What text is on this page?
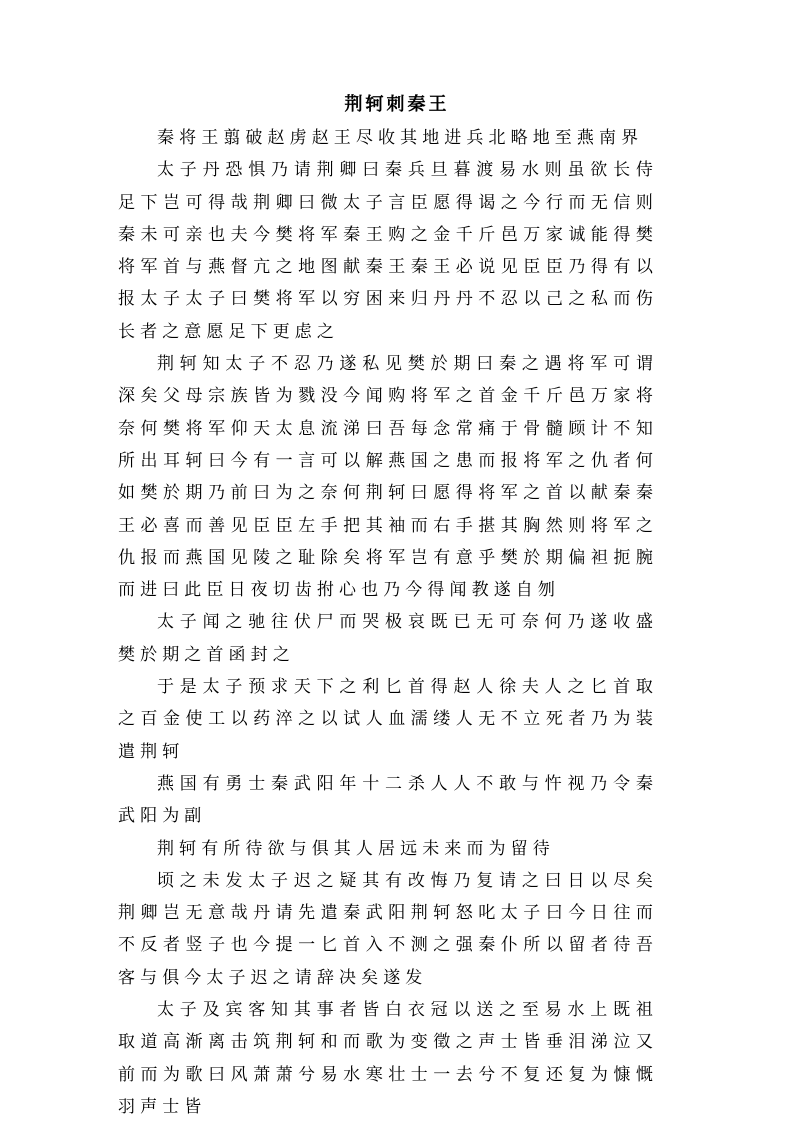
荆轲刺秦王

秦将王翦破赵虏赵王尽收其地进兵北略地至燕南界

太子丹恐惧乃请荆卿曰秦兵旦暮渡易水则虽欲长侍足下岂可得哉荆卿曰微太子言臣愿得谒之今行而无信则秦未可亲也夫今樊将军秦王购之金千斤邑万家诚能得樊将军首与燕督亢之地图献秦王秦王必说见臣臣乃得有以报太子太子曰樊将军以穷困来归丹丹不忍以己之私而伤长者之意愿足下更虑之

荆轲知太子不忍乃遂私见樊於期曰秦之遇将军可谓深矣父母宗族皆为戮没今闻购将军之首金千斤邑万家将奈何樊将军仰天太息流涕曰吾每念常痛于骨髓顾计不知所出耳轲曰今有一言可以解燕国之患而报将军之仇者何如樊於期乃前曰为之奈何荆轲曰愿得将军之首以献秦秦王必喜而善见臣臣左手把其袖而右手揕其胸然则将军之仇报而燕国见陵之耻除矣将军岂有意乎樊於期偏袒扼腕而进曰此臣日夜切齿拊心也乃今得闻教遂自刎

太子闻之驰往伏尸而哭极哀既已无可奈何乃遂收盛樊於期之首函封之

于是太子预求天下之利匕首得赵人徐夫人之匕首取之百金使工以药淬之以试人血濡缕人无不立死者乃为装遣荆轲

燕国有勇士秦武阳年十二杀人人不敢与忤视乃令秦武阳为副

荆轲有所待欲与俱其人居远未来而为留待

顷之未发太子迟之疑其有改悔乃复请之曰日以尽矣荆卿岂无意哉丹请先遣秦武阳荆轲怒叱太子曰今日往而不反者竖子也今提一匕首入不测之强秦仆所以留者待吾客与俱今太子迟之请辞决矣遂发

太子及宾客知其事者皆白衣冠以送之至易水上既祖取道高渐离击筑荆轲和而歌为变徵之声士皆垂泪涕泣又前而为歌曰风萧萧兮易水寒壮士一去兮不复还复为慷慨羽声士皆
